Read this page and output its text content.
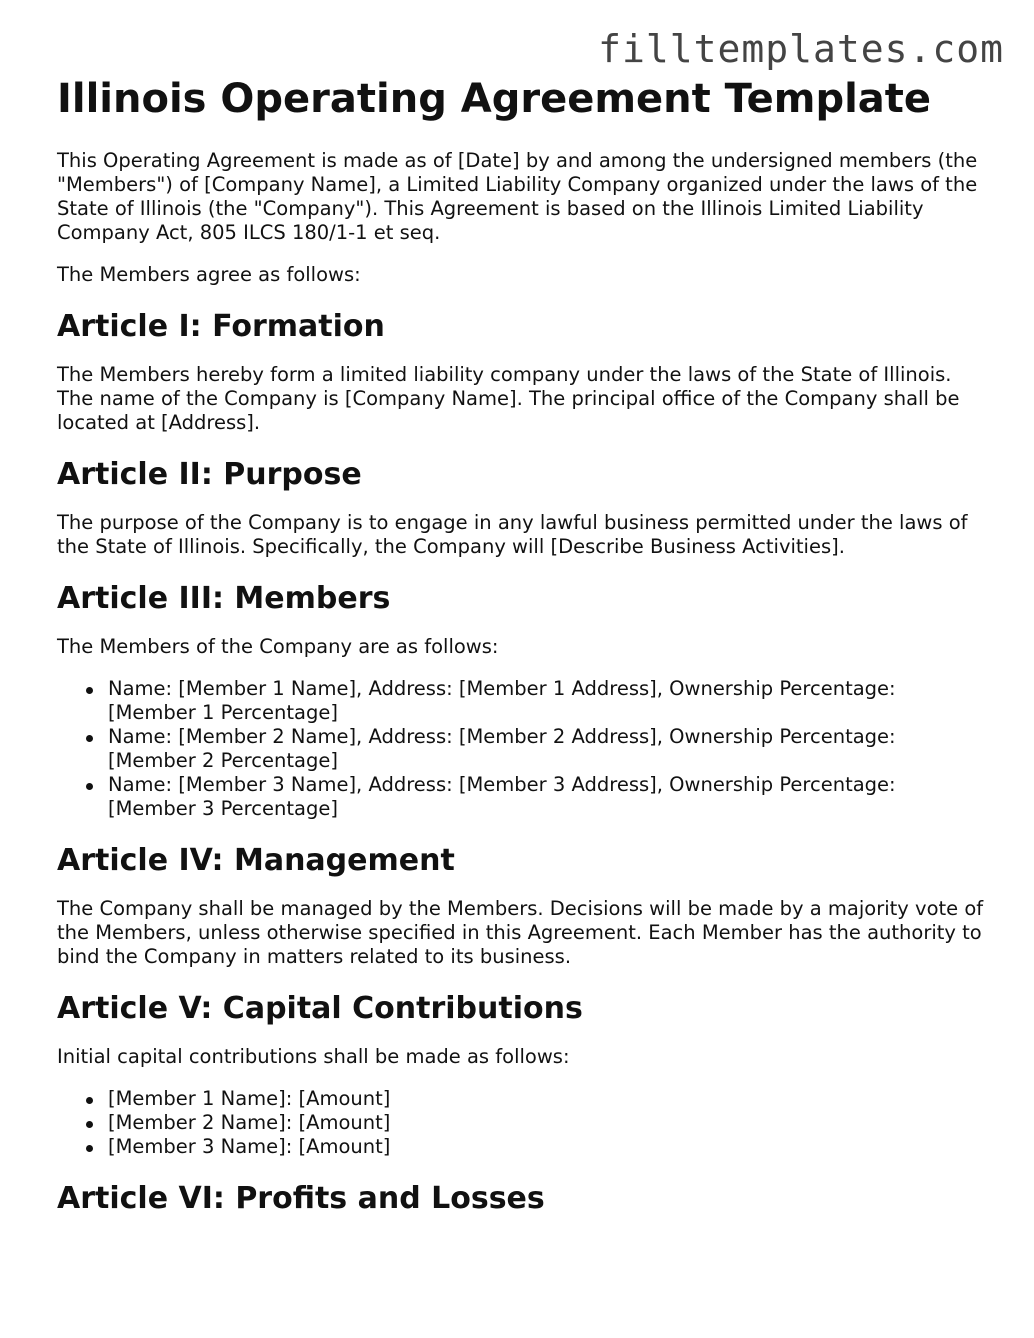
filltemplates.com
Illinois Operating Agreement Template

This Operating Agreement is made as of [Date] by and among the undersigned members (the "Members") of [Company Name], a Limited Liability Company organized under the laws of the State of Illinois (the "Company"). This Agreement is based on the Illinois Limited Liability Company Act, 805 ILCS 180/1-1 et seq.

The Members agree as follows:

Article I: Formation

The Members hereby form a limited liability company under the laws of the State of Illinois. The name of the Company is [Company Name]. The principal office of the Company shall be located at [Address].

Article II: Purpose

The purpose of the Company is to engage in any lawful business permitted under the laws of the State of Illinois. Specifically, the Company will [Describe Business Activities].

Article III: Members

The Members of the Company are as follows:

Name: [Member 1 Name], Address: [Member 1 Address], Ownership Percentage: [Member 1 Percentage]
Name: [Member 2 Name], Address: [Member 2 Address], Ownership Percentage: [Member 2 Percentage]
Name: [Member 3 Name], Address: [Member 3 Address], Ownership Percentage: [Member 3 Percentage]
Article IV: Management

The Company shall be managed by the Members. Decisions will be made by a majority vote of the Members, unless otherwise specified in this Agreement. Each Member has the authority to bind the Company in matters related to its business.

Article V: Capital Contributions

Initial capital contributions shall be made as follows:

[Member 1 Name]: [Amount]
[Member 2 Name]: [Amount]
[Member 3 Name]: [Amount]
Article VI: Profits and Losses
